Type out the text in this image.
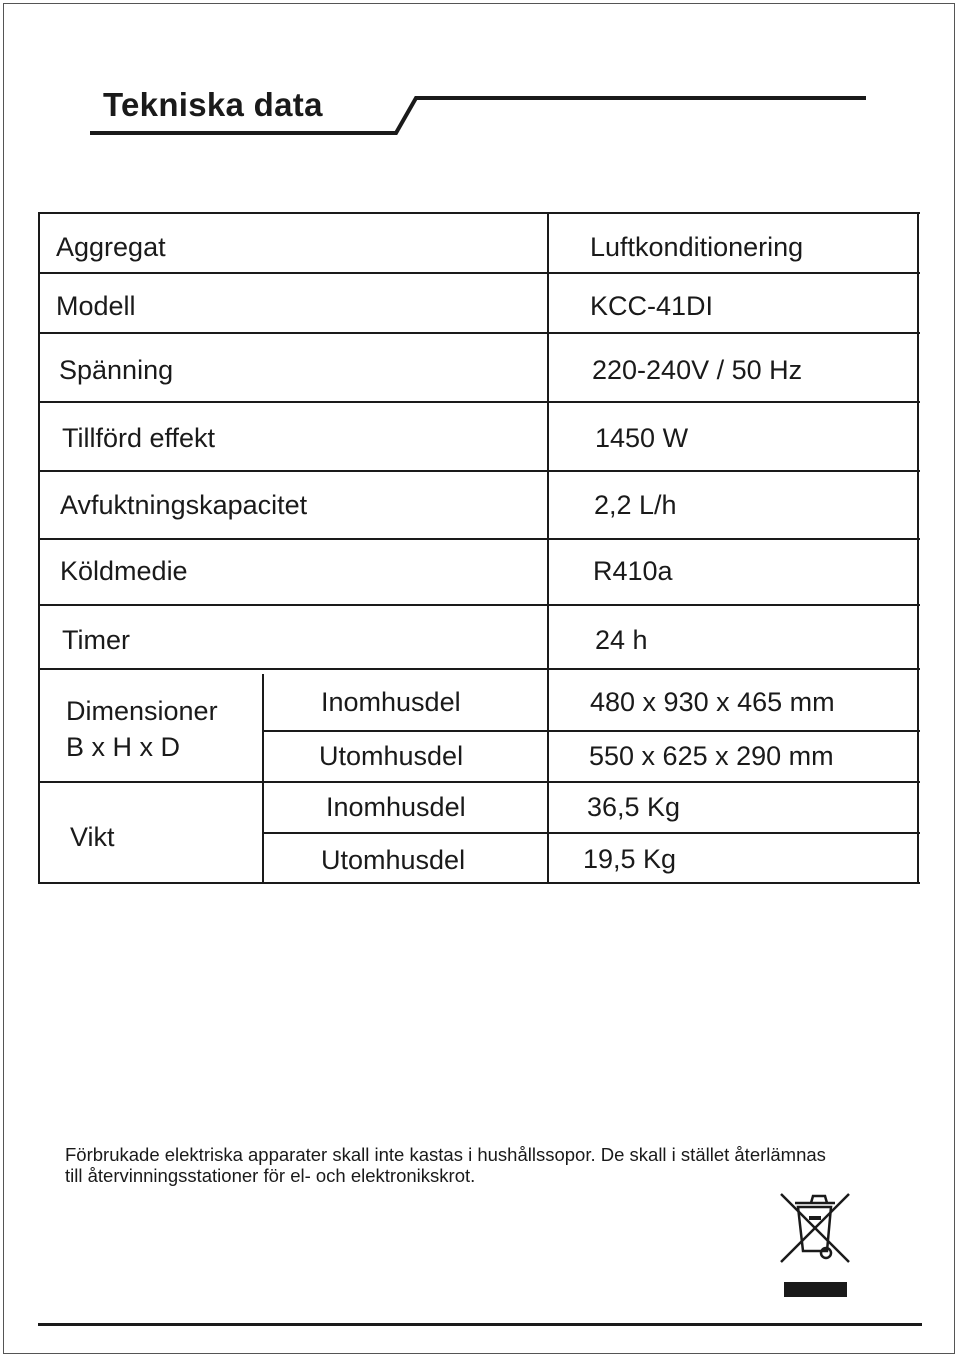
Tekniska data
Aggregat	Luftkonditionering
Modell	KCC-41DI
Spänning	220-240V / 50 Hz
Tillförd effekt	1450 W
Avfuktningskapacitet	2,2 L/h
Köldmedie	R410a
Timer	24 h
Dimensioner
B x H x D
Inomhusdel	480 x 930 x 465 mm
Utomhusdel	550 x 625 x 290 mm
Vikt
Inomhusdel	36,5 Kg
Utomhusdel	19,5 Kg
Förbrukade elektriska apparater skall inte kastas i hushållssopor. De skall i stället återlämnas
till återvinningsstationer för el- och elektronikskrot.
